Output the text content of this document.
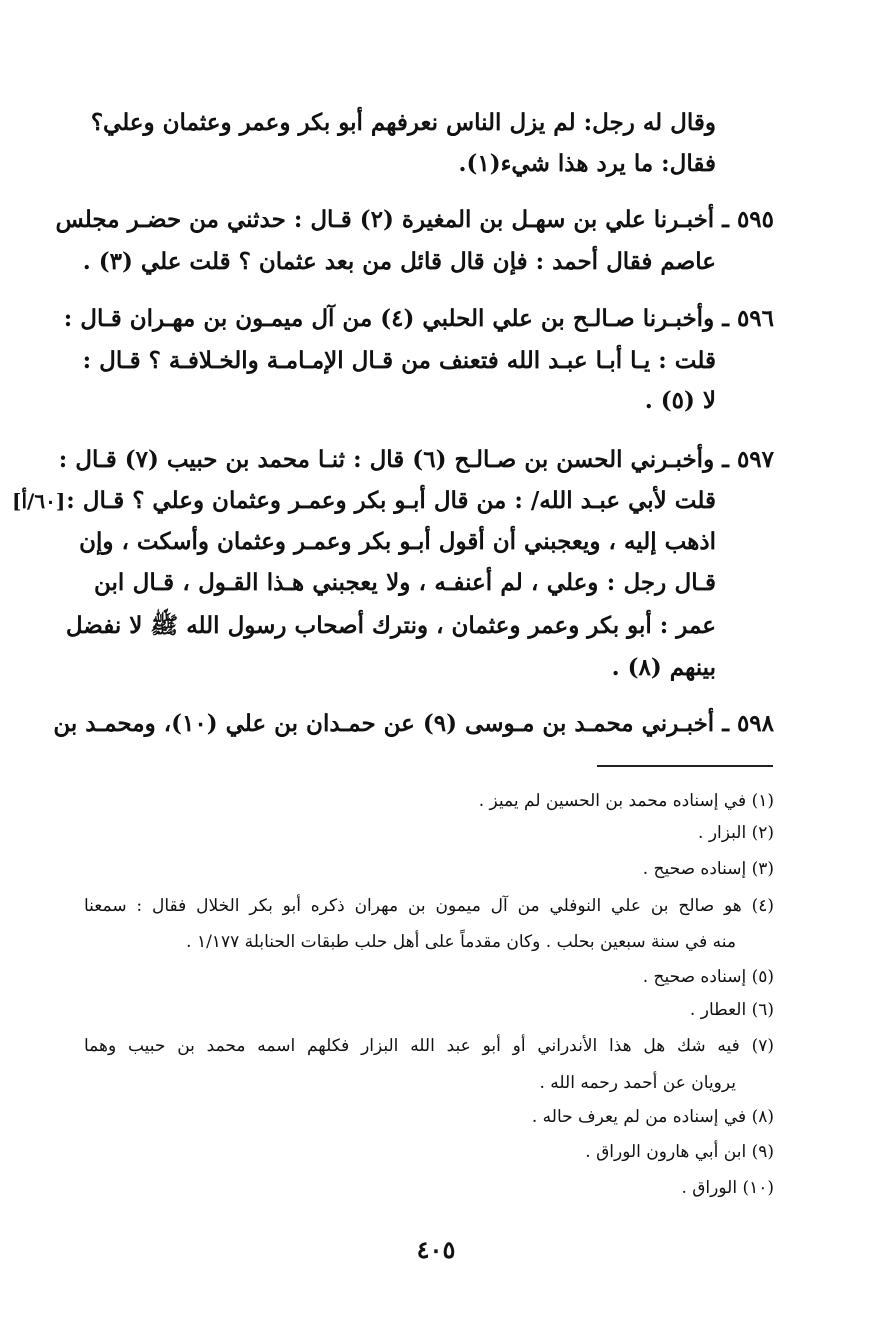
وقال له رجل: لم يزل الناس نعرفهم أبو بكر وعمر وعثمان وعلي؟
فقال: ما يرد هذا شيء(١).
٥٩٥ ـ أخبـرنا علي بن سهـل بن المغيرة (٢) قـال : حدثني من حضـر مجلس
عاصم فقال أحمد : فإن قال قائل من بعد عثمان ؟ قلت علي (٣) .
٥٩٦ ـ وأخبـرنا صـالـح بن علي الحلبي (٤) من آل ميمـون بن مهـران قـال :
قلت : يـا أبـا عبـد الله فتعنف من قـال الإمـامـة والخـلافـة ؟ قـال :
لا (٥) .
٥٩٧ ـ وأخبـرني الحسن بن صـالـح (٦) قال : ثنـا محمد بن حبيب (٧) قـال :
قلت لأبي عبـد الله/ : من قال أبـو بكر وعمـر وعثمان وعلي ؟ قـال :
اذهب إليه ، ويعجبني أن أقول أبـو بكر وعمـر وعثمان وأسكت ، وإن
قـال رجل : وعلي ، لم أعنفـه ، ولا يعجبني هـذا القـول ، قـال ابن
عمر : أبو بكر وعمر وعثمان ، ونترك أصحاب رسول الله ﷺ لا نفضل
بينهم (٨) .
٥٩٨ ـ أخبـرني محمـد بن مـوسى (٩) عن حمـدان بن علي (١٠)، ومحمـد بن
[٦٠/أ]
(١) في إسناده محمد بن الحسين لم يميز .
(٢) البزار .
(٣) إسناده صحيح .
(٤) هو صالح بن علي النوفلي من آل ميمون بن مهران ذكره أبو بكر الخلال فقال : سمعنا
منه في سنة سبعين بحلب . وكان مقدماً على أهل حلب طبقات الحنابلة ١/١٧٧ .
(٥) إسناده صحيح .
(٦) العطار .
(٧) فيه شك هل هذا الأندراني أو أبو عبد الله البزار فكلهم اسمه محمد بن حبيب وهما
يرويان عن أحمد رحمه الله .
(٨) في إسناده من لم يعرف حاله .
(٩) ابن أبي هارون الوراق .
(١٠) الوراق .
٤٠٥
